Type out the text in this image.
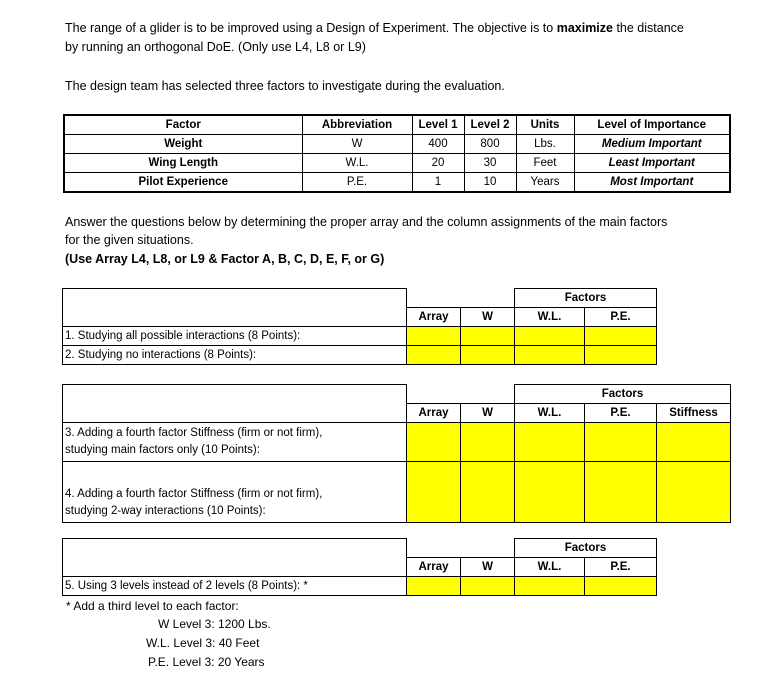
The range of a glider is to be improved using a Design of Experiment. The objective is to maximize the distance
by running an orthogonal DoE. (Only use L4, L8 or L9)
The design team has selected three factors to investigate during the evaluation.
Factor	Abbreviation	Level 1	Level 2	Units	Level of Importance
Weight	W	400	800	Lbs.	Medium Important
Wing Length	W.L.	20	30	Feet	Least Important
Pilot Experience	P.E.	1	10	Years	Most Important
Answer the questions below by determining the proper array and the column assignments of the main factors
for the given situations.
(Use Array L4, L8, or L9 & Factor A, B, C, D, E, F, or G)
			Factors	
	Array	W	W.L.	P.E.
1. Studying all possible interactions (8 Points):				
2. Studying no interactions (8 Points):				
			Factors		
	Array	W	W.L.	P.E.	Stiffness

3. Adding a fourth factor Stiffness (firm or not firm),
studying main factors only (10 Points):					

4. Adding a fourth factor Stiffness (firm or not firm),
studying 2-way interactions (10 Points):					

			Factors	
	Array	W	W.L.	P.E.
5. Using 3 levels instead of 2 levels (8 Points): *				
* Add a third level to each factor:
W Level 3: 1200 Lbs.
W.L. Level 3: 40 Feet
P.E. Level 3: 20 Years
